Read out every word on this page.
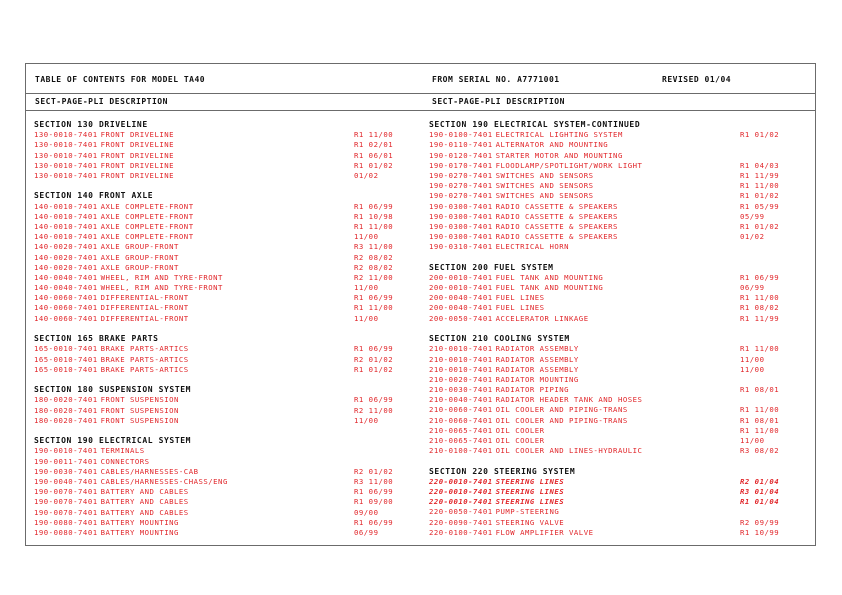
TABLE OF CONTENTS FOR MODEL TA40	FROM SERIAL NO. A7771001	REVISED 01/04
SECT-PAGE-PLI DESCRIPTION	SECT-PAGE-PLI DESCRIPTION
SECTION 130 DRIVELINE
130-0010-7401 FRONT DRIVELINE	R1 11/00
130-0010-7401 FRONT DRIVELINE	R1 02/01
130-0010-7401 FRONT DRIVELINE	R1 06/01
130-0010-7401 FRONT DRIVELINE	R1 01/02
130-0010-7401 FRONT DRIVELINE	01/02
SECTION 140 FRONT AXLE
140-0010-7401 AXLE COMPLETE-FRONT	R1 06/99
140-0010-7401 AXLE COMPLETE-FRONT	R1 10/98
140-0010-7401 AXLE COMPLETE-FRONT	R1 11/00
140-0010-7401 AXLE COMPLETE-FRONT	11/00
140-0020-7401 AXLE GROUP-FRONT	R3 11/00
140-0020-7401 AXLE GROUP-FRONT	R2 08/02
140-0020-7401 AXLE GROUP-FRONT	R2 08/02
140-0040-7401 WHEEL, RIM AND TYRE-FRONT	R2 11/00
140-0040-7401 WHEEL, RIM AND TYRE-FRONT	11/00
140-0060-7401 DIFFERENTIAL-FRONT	R1 06/99
140-0060-7401 DIFFERENTIAL-FRONT	R1 11/00
140-0060-7401 DIFFERENTIAL-FRONT	11/00
SECTION 165 BRAKE PARTS
165-0010-7401 BRAKE PARTS-ARTICS	R1 06/99
165-0010-7401 BRAKE PARTS-ARTICS	R2 01/02
165-0010-7401 BRAKE PARTS-ARTICS	R1 01/02
SECTION 180 SUSPENSION SYSTEM
180-0020-7401 FRONT SUSPENSION	R1 06/99
180-0020-7401 FRONT SUSPENSION	R2 11/00
180-0020-7401 FRONT SUSPENSION	11/00
SECTION 190 ELECTRICAL SYSTEM
190-0010-7401 TERMINALS
190-0011-7401 CONNECTORS
190-0030-7401 CABLES/HARNESSES-CAB	R2 01/02
190-0040-7401 CABLES/HARNESSES-CHASS/ENG	R3 11/00
190-0070-7401 BATTERY AND CABLES	R1 06/99
190-0070-7401 BATTERY AND CABLES	R1 09/00
190-0070-7401 BATTERY AND CABLES	09/00
190-0080-7401 BATTERY MOUNTING	R1 06/99
190-0080-7401 BATTERY MOUNTING	06/99
SECTION 190 ELECTRICAL SYSTEM-CONTINUED
190-0100-7401 ELECTRICAL LIGHTING SYSTEM	R1 01/02
190-0110-7401 ALTERNATOR AND MOUNTING
190-0120-7401 STARTER MOTOR AND MOUNTING
190-0170-7401 FLOODLAMP/SPOTLIGHT/WORK LIGHT	R1 04/03
190-0270-7401 SWITCHES AND SENSORS	R1 11/99
190-0270-7401 SWITCHES AND SENSORS	R1 11/00
190-0270-7401 SWITCHES AND SENSORS	R1 01/02
190-0300-7401 RADIO CASSETTE & SPEAKERS	R1 05/99
190-0300-7401 RADIO CASSETTE & SPEAKERS	05/99
190-0300-7401 RADIO CASSETTE & SPEAKERS	R1 01/02
190-0300-7401 RADIO CASSETTE & SPEAKERS	01/02
190-0310-7401 ELECTRICAL HORN
SECTION 200 FUEL SYSTEM
200-0010-7401 FUEL TANK AND MOUNTING	R1 06/99
200-0010-7401 FUEL TANK AND MOUNTING	06/99
200-0040-7401 FUEL LINES	R1 11/00
200-0040-7401 FUEL LINES	R1 08/02
200-0050-7401 ACCELERATOR LINKAGE	R1 11/99
SECTION 210 COOLING SYSTEM
210-0010-7401 RADIATOR ASSEMBLY	R1 11/00
210-0010-7401 RADIATOR ASSEMBLY	11/00
210-0010-7401 RADIATOR ASSEMBLY	11/00
210-0020-7401 RADIATOR MOUNTING
210-0030-7401 RADIATOR PIPING	R1 08/01
210-0040-7401 RADIATOR HEADER TANK AND HOSES
210-0060-7401 OIL COOLER AND PIPING-TRANS	R1 11/00
210-0060-7401 OIL COOLER AND PIPING-TRANS	R1 08/01
210-0065-7401 OIL COOLER	R1 11/00
210-0065-7401 OIL COOLER	11/00
210-0100-7401 OIL COOLER AND LINES-HYDRAULIC	R3 08/02
SECTION 220 STEERING SYSTEM
220-0010-7401 STEERING LINES	R2 01/04
220-0010-7401 STEERING LINES	R3 01/04
220-0010-7401 STEERING LINES	R1 01/04
220-0050-7401 PUMP-STEERING
220-0090-7401 STEERING VALVE	R2 09/99
220-0100-7401 FLOW AMPLIFIER VALVE	R1 10/99
